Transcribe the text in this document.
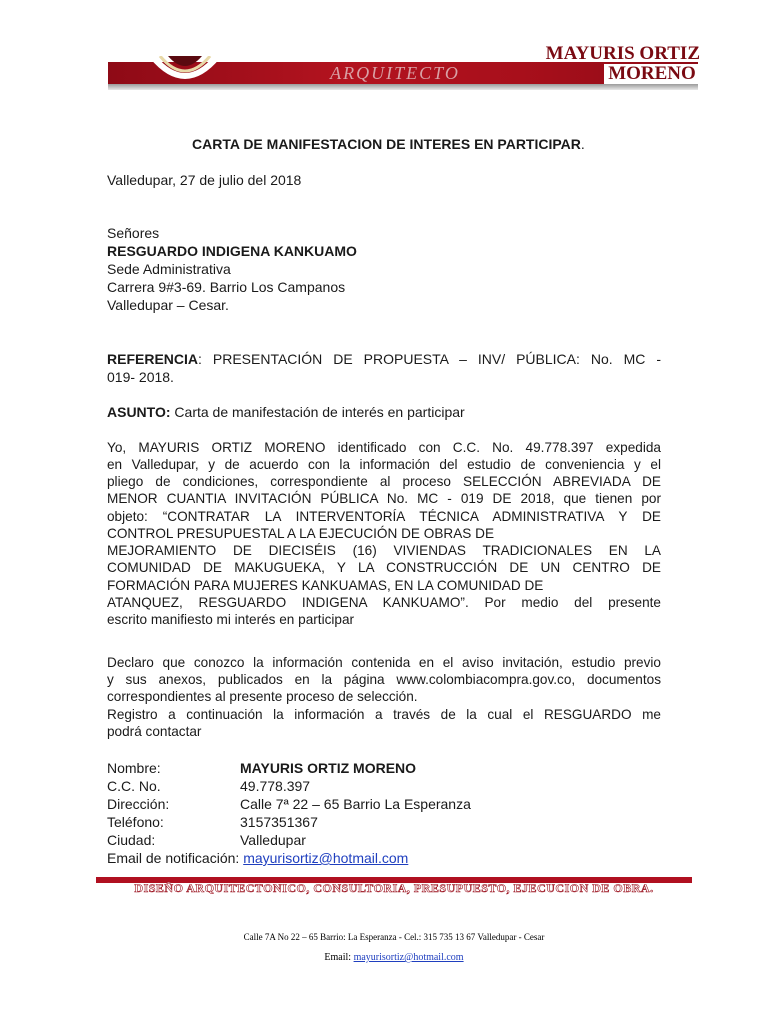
ARQUITECTO
MAYURIS ORTIZ
MORENO
CARTA DE MANIFESTACION DE INTERES EN PARTICIPAR.
Valledupar, 27 de julio del 2018
Señores
RESGUARDO INDIGENA KANKUAMO
Sede Administrativa
Carrera 9#3-69. Barrio Los Campanos
Valledupar – Cesar.
REFERENCIA: PRESENTACIÓN DE PROPUESTA – INV/ PÚBLICA: No. MC -
019- 2018.
ASUNTO: Carta de manifestación de interés en participar
Yo, MAYURIS ORTIZ MORENO identificado con C.C. No. 49.778.397 expedida
en Valledupar, y de acuerdo con la información del estudio de conveniencia y el
pliego de condiciones, correspondiente al proceso SELECCIÓN ABREVIADA DE
MENOR CUANTIA INVITACIÓN PÚBLICA No. MC - 019 DE 2018, que tienen por
objeto: “CONTRATAR LA INTERVENTORÍA TÉCNICA ADMINISTRATIVA Y DE
CONTROL PRESUPUESTAL A LA EJECUCIÓN DE OBRAS DE
MEJORAMIENTO DE DIECISÉIS (16) VIVIENDAS TRADICIONALES EN LA
COMUNIDAD DE MAKUGUEKA, Y LA CONSTRUCCIÓN DE UN CENTRO DE
FORMACIÓN PARA MUJERES KANKUAMAS, EN LA COMUNIDAD DE
ATANQUEZ, RESGUARDO INDIGENA KANKUAMO”. Por medio del presente
escrito manifiesto mi interés en participar
Declaro que conozco la información contenida en el aviso invitación, estudio previo
y sus anexos, publicados en la página www.colombiacompra.gov.co, documentos
correspondientes al presente proceso de selección.
Registro a continuación la información a través de la cual el RESGUARDO me
podrá contactar
Nombre:	MAYURIS ORTIZ MORENO
C.C. No.	49.778.397
Dirección:	Calle 7ª 22 – 65 Barrio La Esperanza
Teléfono:	3157351367
Ciudad:	Valledupar
Email de notificación: mayurisortiz@hotmail.com
DISEÑO ARQUITECTONICO, CONSULTORIA, PRESUPUESTO, EJECUCION DE OBRA.
Calle 7A No 22 – 65 Barrio: La Esperanza - Cel.: 315 735 13 67 Valledupar - Cesar
Email: mayurisortiz@hotmail.com
